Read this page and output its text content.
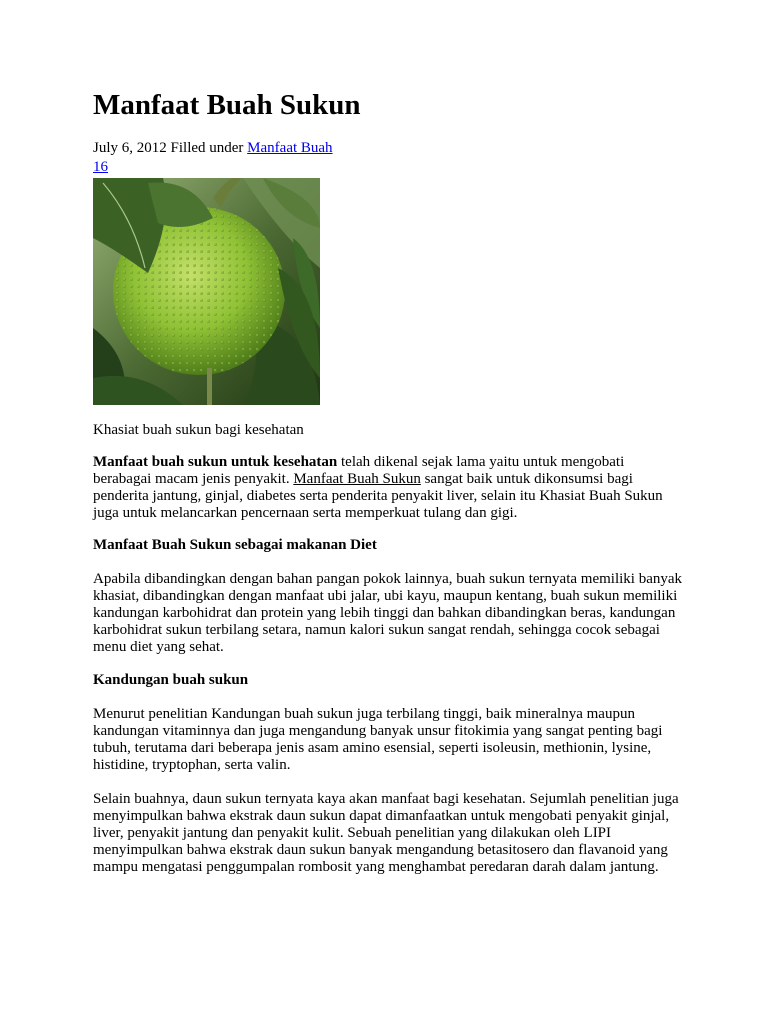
Manfaat Buah Sukun
July 6, 2012 Filled under Manfaat Buah
16

Khasiat buah sukun bagi kesehatan

Manfaat buah sukun untuk kesehatan telah dikenal sejak lama yaitu untuk mengobati berabagai macam jenis penyakit. Manfaat Buah Sukun sangat baik untuk dikonsumsi bagi penderita jantung, ginjal, diabetes serta penderita penyakit liver, selain itu Khasiat Buah Sukun juga untuk melancarkan pencernaan serta memperkuat tulang dan gigi.

Manfaat Buah Sukun sebagai makanan Diet

Apabila dibandingkan dengan bahan pangan pokok lainnya, buah sukun ternyata memiliki banyak khasiat, dibandingkan dengan manfaat ubi jalar, ubi kayu, maupun kentang, buah sukun memiliki kandungan karbohidrat dan protein yang lebih tinggi dan bahkan dibandingkan beras, kandungan karbohidrat sukun terbilang setara, namun kalori sukun sangat rendah, sehingga cocok sebagai menu diet yang sehat.

Kandungan buah sukun

Menurut penelitian Kandungan buah sukun juga terbilang tinggi, baik mineralnya maupun kandungan vitaminnya dan juga mengandung banyak unsur fitokimia yang sangat penting bagi tubuh, terutama dari beberapa jenis asam amino esensial, seperti isoleusin, methionin, lysine, histidine, tryptophan, serta valin.

Selain buahnya, daun sukun ternyata kaya akan manfaat bagi kesehatan. Sejumlah penelitian juga menyimpulkan bahwa ekstrak daun sukun dapat dimanfaatkan untuk mengobati penyakit ginjal, liver, penyakit jantung dan penyakit kulit. Sebuah penelitian yang dilakukan oleh LIPI menyimpulkan bahwa ekstrak daun sukun banyak mengandung betasitosero dan flavanoid yang mampu mengatasi penggumpalan rombosit yang menghambat peredaran darah dalam jantung.
